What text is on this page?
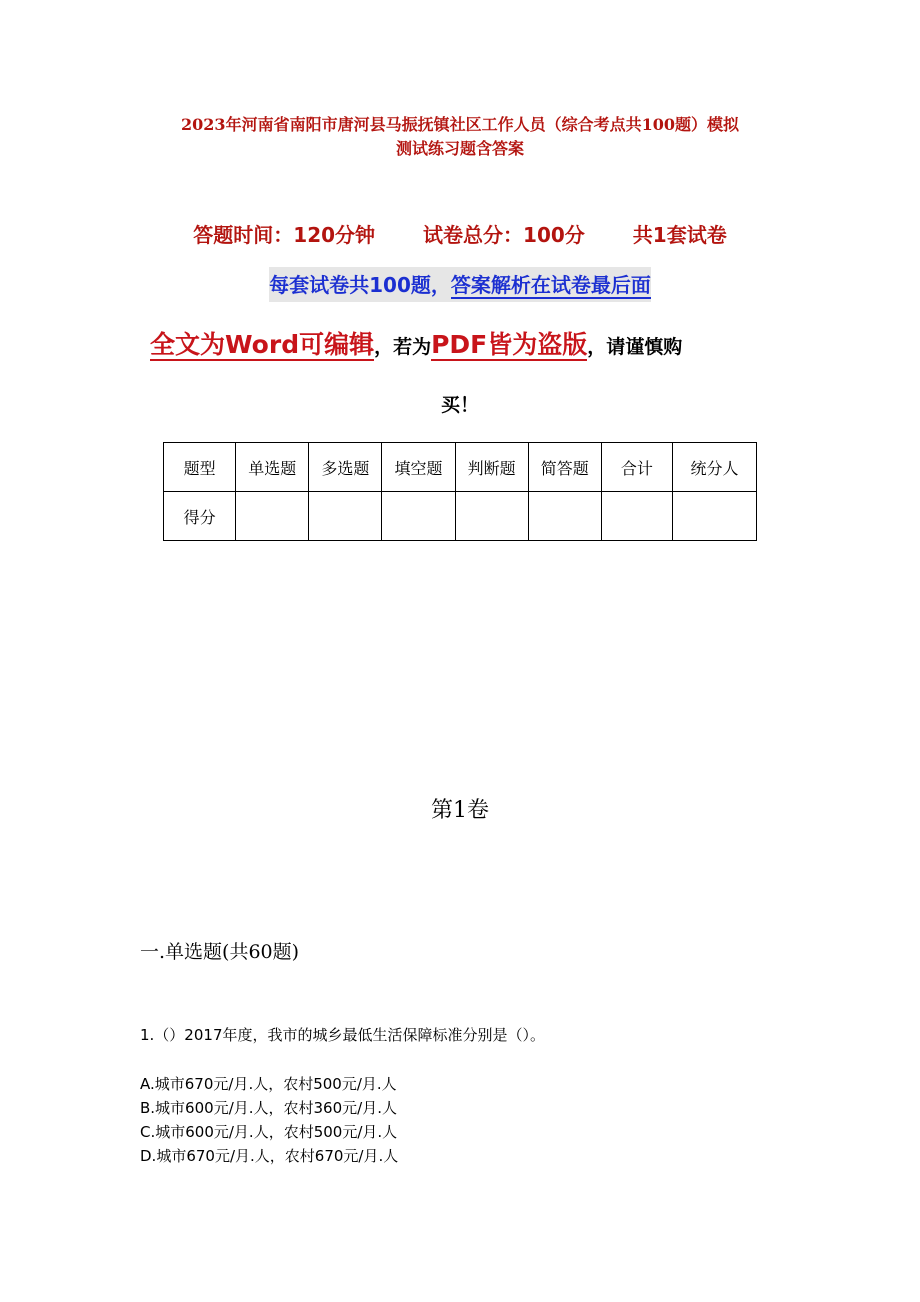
2023年河南省南阳市唐河县马振抚镇社区工作人员（综合考点共100题）模拟
测试练习题含答案
答题时间：120分钟 试卷总分：100分 共1套试卷
每套试卷共100题，答案解析在试卷最后面
全文为Word可编辑，若为PDF皆为盗版，请谨慎购
买！
题型	单选题	多选题	填空题	判断题	简答题	合计	统分人
得分							
第1卷
一.单选题(共60题)
1.（）2017年度，我市的城乡最低生活保障标准分别是（）。
A.城市670元/月.人，农村500元/月.人
B.城市600元/月.人，农村360元/月.人
C.城市600元/月.人，农村500元/月.人
D.城市670元/月.人，农村670元/月.人
